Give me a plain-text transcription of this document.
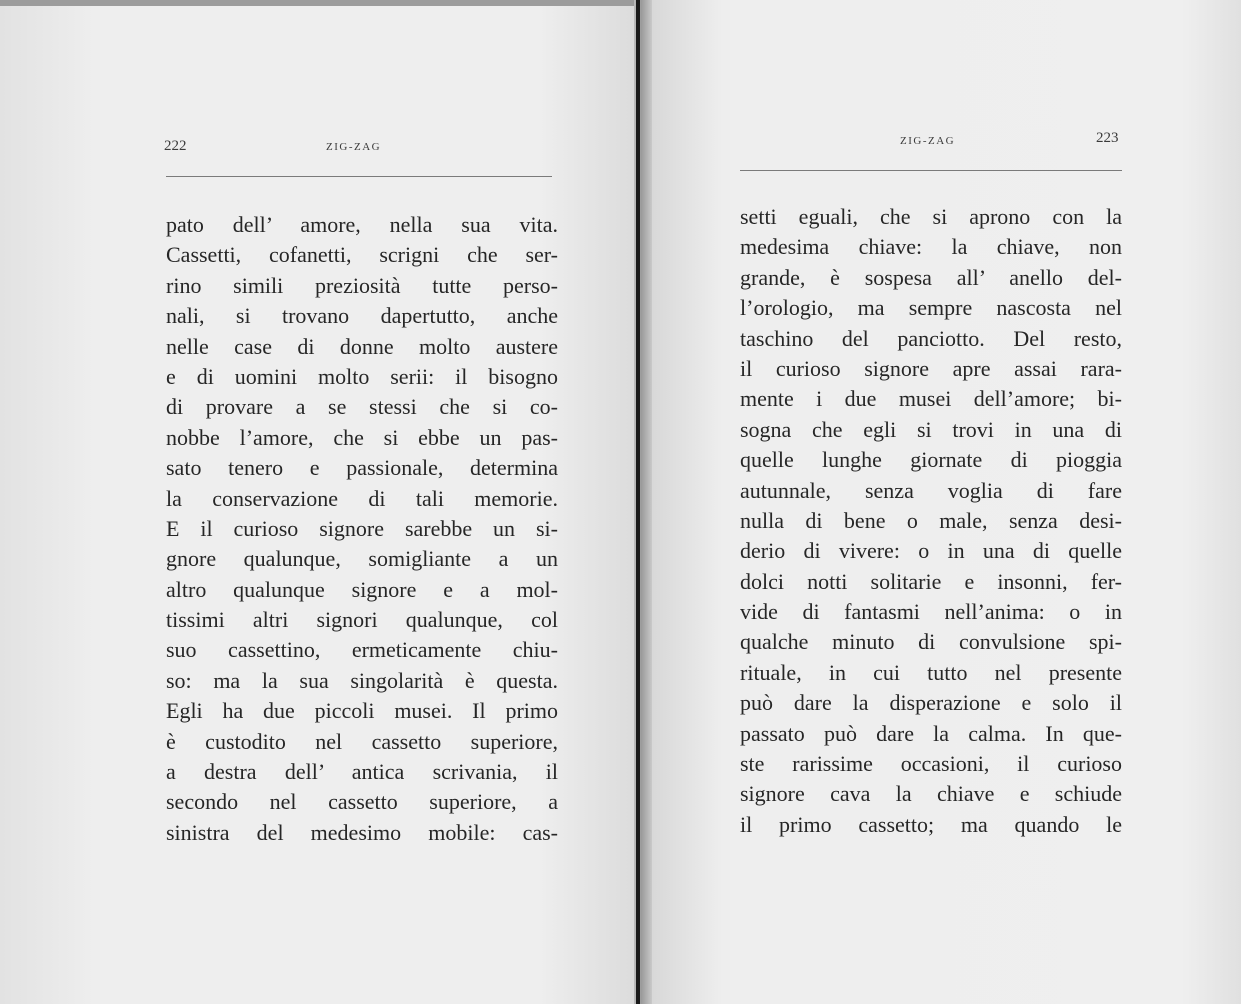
222	ZIG-ZAG	ZIG-ZAG	223
pato dell’ amore, nella sua vita.
Cassetti, cofanetti, scrigni che ser-
rino simili preziosità tutte perso-
nali, si trovano dapertutto, anche
nelle case di donne molto austere
e di uomini molto serii: il bisogno
di provare a se stessi che si co-
nobbe l’amore, che si ebbe un pas-
sato tenero e passionale, determina
la conservazione di tali memorie.
E il curioso signore sarebbe un si-
gnore qualunque, somigliante a un
altro qualunque signore e a mol-
tissimi altri signori qualunque, col
suo cassettino, ermeticamente chiu-
so: ma la sua singolarità è questa.
Egli ha due piccoli musei. Il primo
è custodito nel cassetto superiore,
a destra dell’ antica scrivania, il
secondo nel cassetto superiore, a
sinistra del medesimo mobile: cas-
setti eguali, che si aprono con la
medesima chiave: la chiave, non
grande, è sospesa all’ anello del-
l’orologio, ma sempre nascosta nel
taschino del panciotto. Del resto,
il curioso signore apre assai rara-
mente i due musei dell’amore; bi-
sogna che egli si trovi in una di
quelle lunghe giornate di pioggia
autunnale, senza voglia di fare
nulla di bene o male, senza desi-
derio di vivere: o in una di quelle
dolci notti solitarie e insonni, fer-
vide di fantasmi nell’anima: o in
qualche minuto di convulsione spi-
rituale, in cui tutto nel presente
può dare la disperazione e solo il
passato può dare la calma. In que-
ste rarissime occasioni, il curioso
signore cava la chiave e schiude
il primo cassetto; ma quando le
